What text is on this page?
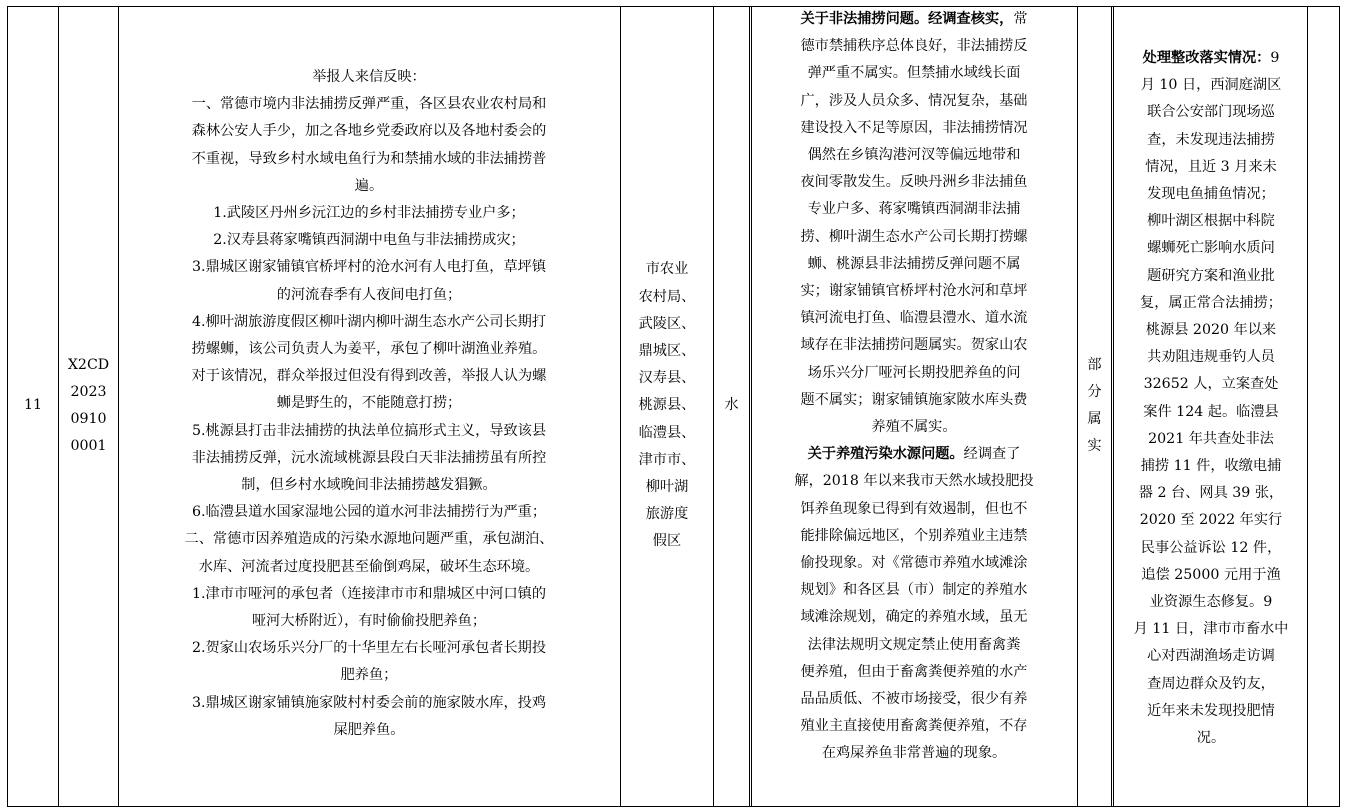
11
X2CD
2023
0910
0001
举报人来信反映：
一、常德市境内非法捕捞反弹严重，各区县农业农村局和
森林公安人手少，加之各地乡党委政府以及各地村委会的
不重视，导致乡村水域电鱼行为和禁捕水域的非法捕捞普
遍。
1.武陵区丹州乡沅江边的乡村非法捕捞专业户多；
2.汉寿县蒋家嘴镇西洞湖中电鱼与非法捕捞成灾；
3.鼎城区谢家铺镇官桥坪村的沧水河有人电打鱼，草坪镇
的河流春季有人夜间电打鱼；
4.柳叶湖旅游度假区柳叶湖内柳叶湖生态水产公司长期打
捞螺蛳，该公司负责人为姜平，承包了柳叶湖渔业养殖。
对于该情况，群众举报过但没有得到改善，举报人认为螺
蛳是野生的，不能随意打捞；
5.桃源县打击非法捕捞的执法单位搞形式主义，导致该县
非法捕捞反弹，沅水流域桃源县段白天非法捕捞虽有所控
制，但乡村水域晚间非法捕捞越发猖獗。
6.临澧县道水国家湿地公园的道水河非法捕捞行为严重；
二、常德市因养殖造成的污染水源地问题严重，承包湖泊、
水库、河流者过度投肥甚至偷倒鸡屎，破坏生态环境。
1.津市市哑河的承包者（连接津市市和鼎城区中河口镇的
哑河大桥附近），有时偷偷投肥养鱼；
2.贺家山农场乐兴分厂的十华里左右长哑河承包者长期投
肥养鱼；
3.鼎城区谢家铺镇施家陂村村委会前的施家陂水库，投鸡
屎肥养鱼。
市农业
农村局、
武陵区、
鼎城区、
汉寿县、
桃源县、
临澧县、
津市市、
柳叶湖
旅游度
假区
水
关于非法捕捞问题。经调查核实，常
德市禁捕秩序总体良好，非法捕捞反
弹严重不属实。但禁捕水域线长面
广，涉及人员众多、情况复杂，基础
建设投入不足等原因，非法捕捞情况
偶然在乡镇沟港河汊等偏远地带和
夜间零散发生。反映丹洲乡非法捕鱼
专业户多、蒋家嘴镇西洞湖非法捕
捞、柳叶湖生态水产公司长期打捞螺
蛳、桃源县非法捕捞反弹问题不属
实；谢家铺镇官桥坪村沧水河和草坪
镇河流电打鱼、临澧县澧水、道水流
域存在非法捕捞问题属实。贺家山农
场乐兴分厂哑河长期投肥养鱼的问
题不属实；谢家铺镇施家陂水库头费
养殖不属实。
关于养殖污染水源问题。经调查了
解，2018 年以来我市天然水域投肥投
饵养鱼现象已得到有效遏制，但也不
能排除偏远地区，个别养殖业主违禁
偷投现象。对《常德市养殖水域滩涂
规划》和各区县（市）制定的养殖水
域滩涂规划，确定的养殖水域，虽无
法律法规明文规定禁止使用畜禽粪
便养殖，但由于畜禽粪便养殖的水产
品品质低、不被市场接受，很少有养
殖业主直接使用畜禽粪便养殖，不存
在鸡屎养鱼非常普遍的现象。
部
分
属
实
处理整改落实情况：9
月 10 日，西洞庭湖区
联合公安部门现场巡
查，未发现违法捕捞
情况，且近 3 月来未
发现电鱼捕鱼情况；
柳叶湖区根据中科院
螺蛳死亡影响水质问
题研究方案和渔业批
复，属正常合法捕捞；
桃源县 2020 年以来
共劝阻违规垂钓人员
32652 人，立案查处
案件 124 起。临澧县
2021 年共查处非法
捕捞 11 件，收缴电捕
器 2 台、网具 39 张，
2020 至 2022 年实行
民事公益诉讼 12 件，
追偿 25000 元用于渔
业资源生态修复。9
月 11 日，津市市畜水中
心对西湖渔场走访调
查周边群众及钓友，
近年来未发现投肥情
况。
